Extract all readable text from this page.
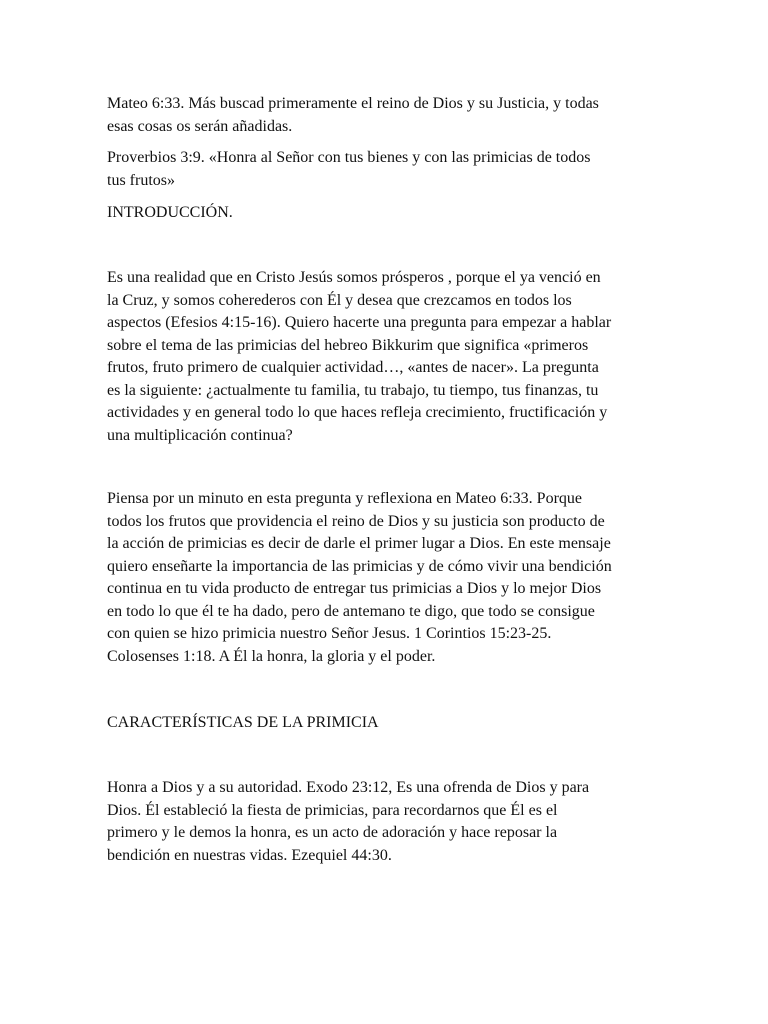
Mateo 6:33. Más buscad primeramente el reino de Dios y su Justicia, y todas
esas cosas os serán añadidas.

Proverbios 3:9. «Honra al Señor con tus bienes y con las primicias de todos
tus frutos»

INTRODUCCIÓN.

Es una realidad que en Cristo Jesús somos prósperos , porque el ya venció en
la Cruz, y somos coherederos con Él y desea que crezcamos en todos los
aspectos (Efesios 4:15-16). Quiero hacerte una pregunta para empezar a hablar
sobre el tema de las primicias del hebreo Bikkurim que significa «primeros
frutos, fruto primero de cualquier actividad…, «antes de nacer». La pregunta
es la siguiente: ¿actualmente tu familia, tu trabajo, tu tiempo, tus finanzas, tu
actividades y en general todo lo que haces refleja crecimiento, fructificación y
una multiplicación continua?

Piensa por un minuto en esta pregunta y reflexiona en Mateo 6:33. Porque
todos los frutos que providencia el reino de Dios y su justicia son producto de
la acción de primicias es decir de darle el primer lugar a Dios. En este mensaje
quiero enseñarte la importancia de las primicias y de cómo vivir una bendición
continua en tu vida producto de entregar tus primicias a Dios y lo mejor Dios
en todo lo que él te ha dado, pero de antemano te digo, que todo se consigue
con quien se hizo primicia nuestro Señor Jesus. 1 Corintios 15:23-25.
Colosenses 1:18. A Él la honra, la gloria y el poder.

CARACTERÍSTICAS DE LA PRIMICIA

Honra a Dios y a su autoridad. Exodo 23:12, Es una ofrenda de Dios y para
Dios. Él estableció la fiesta de primicias, para recordarnos que Él es el
primero y le demos la honra, es un acto de adoración y hace reposar la
bendición en nuestras vidas. Ezequiel 44:30.
